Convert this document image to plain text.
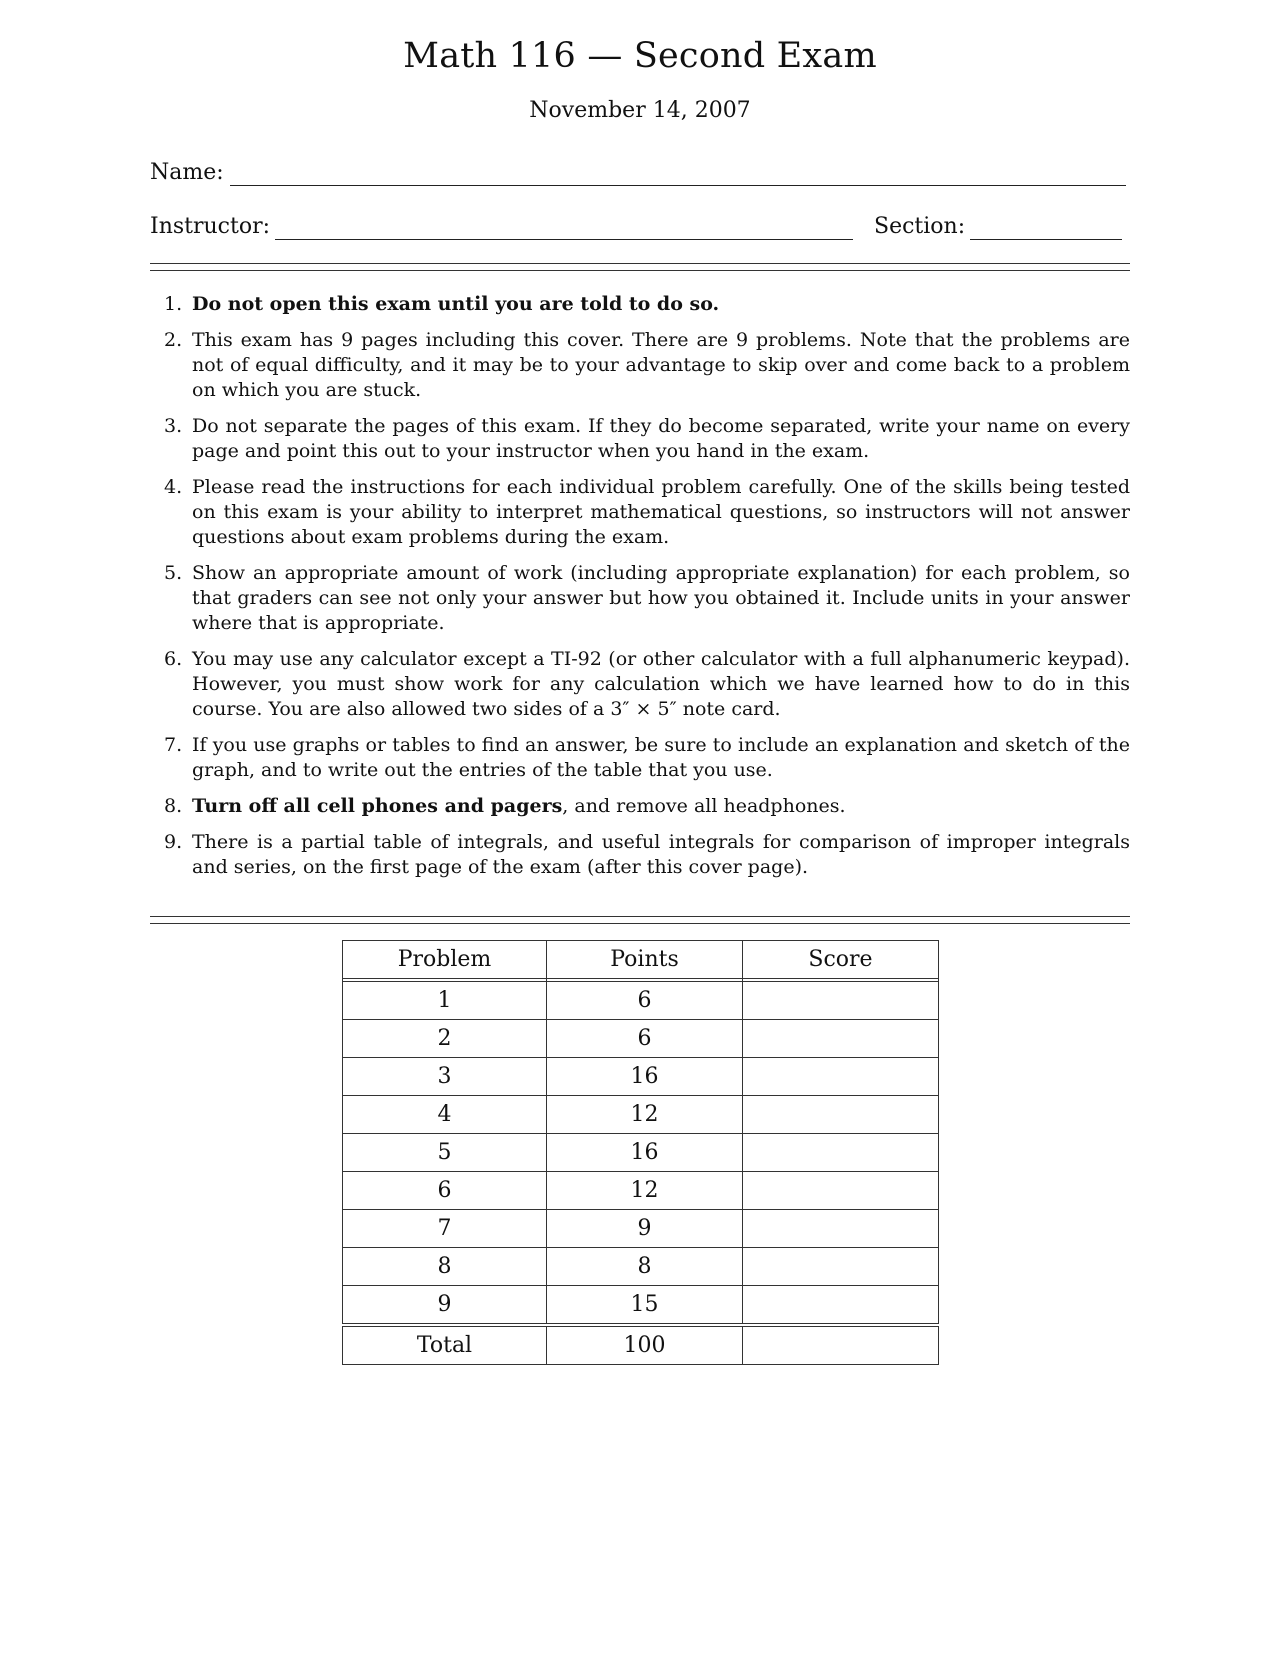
Math 116 — Second Exam
November 14, 2007
Name:
Instructor:	Section:
1. Do not open this exam until you are told to do so.
2. This exam has 9 pages including this cover. There are 9 problems. Note that the problems are not of equal difficulty, and it may be to your advantage to skip over and come back to a problem on which you are stuck.
3. Do not separate the pages of this exam. If they do become separated, write your name on every page and point this out to your instructor when you hand in the exam.
4. Please read the instructions for each individual problem carefully. One of the skills being tested on this exam is your ability to interpret mathematical questions, so instructors will not answer questions about exam problems during the exam.
5. Show an appropriate amount of work (including appropriate explanation) for each problem, so that graders can see not only your answer but how you obtained it. Include units in your answer where that is appropriate.
6. You may use any calculator except a TI-92 (or other calculator with a full alphanumeric keypad). However, you must show work for any calculation which we have learned how to do in this course. You are also allowed two sides of a 3″ × 5″ note card.
7. If you use graphs or tables to find an answer, be sure to include an explanation and sketch of the graph, and to write out the entries of the table that you use.
8. Turn off all cell phones and pagers, and remove all headphones.
9. There is a partial table of integrals, and useful integrals for comparison of improper integrals and series, on the first page of the exam (after this cover page).
Problem	Points	Score

1	6	
2	6	
3	16	
4	12	
5	16	
6	12	
7	9	
8	8	
9	15	

Total	100	
